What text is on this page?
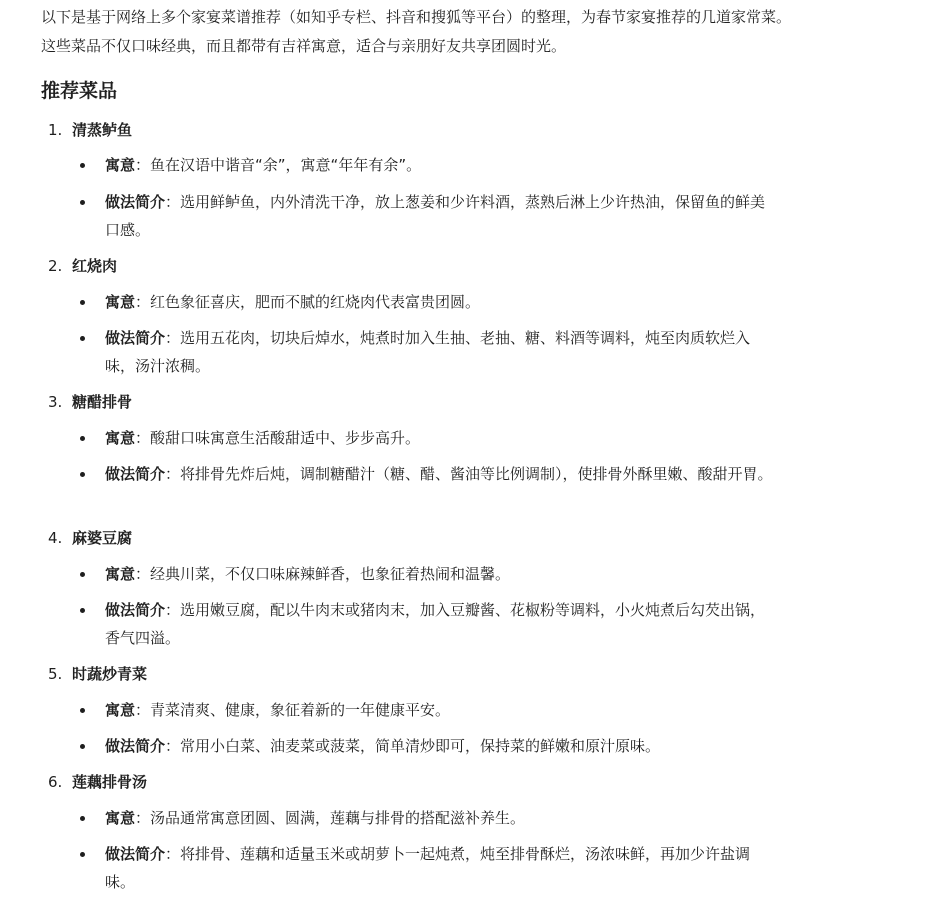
以下是基于网络上多个家宴菜谱推荐（如知乎专栏、抖音和搜狐等平台）的整理，为春节家宴推荐的几道家常菜。这些菜品不仅口味经典，而且都带有吉祥寓意，适合与亲朋好友共享团圆时光。

推荐菜品
1. 清蒸鲈鱼
寓意：鱼在汉语中谐音“余”，寓意“年年有余”。
做法简介：选用鲜鲈鱼，内外清洗干净，放上葱姜和少许料酒，蒸熟后淋上少许热油，保留鱼的鲜美口感。
2. 红烧肉
寓意：红色象征喜庆，肥而不腻的红烧肉代表富贵团圆。
做法简介：选用五花肉，切块后焯水，炖煮时加入生抽、老抽、糖、料酒等调料，炖至肉质软烂入味，汤汁浓稠。
3. 糖醋排骨
寓意：酸甜口味寓意生活酸甜适中、步步高升。
做法简介：将排骨先炸后炖，调制糖醋汁（糖、醋、酱油等比例调制），使排骨外酥里嫩、酸甜开胃。
4. 麻婆豆腐
寓意：经典川菜，不仅口味麻辣鲜香，也象征着热闹和温馨。
做法简介：选用嫩豆腐，配以牛肉末或猪肉末，加入豆瓣酱、花椒粉等调料，小火炖煮后勾芡出锅，香气四溢。
5. 时蔬炒青菜
寓意：青菜清爽、健康，象征着新的一年健康平安。
做法简介：常用小白菜、油麦菜或菠菜，简单清炒即可，保持菜的鲜嫩和原汁原味。
6. 莲藕排骨汤
寓意：汤品通常寓意团圆、圆满，莲藕与排骨的搭配滋补养生。
做法简介：将排骨、莲藕和适量玉米或胡萝卜一起炖煮，炖至排骨酥烂，汤浓味鲜，再加少许盐调味。
